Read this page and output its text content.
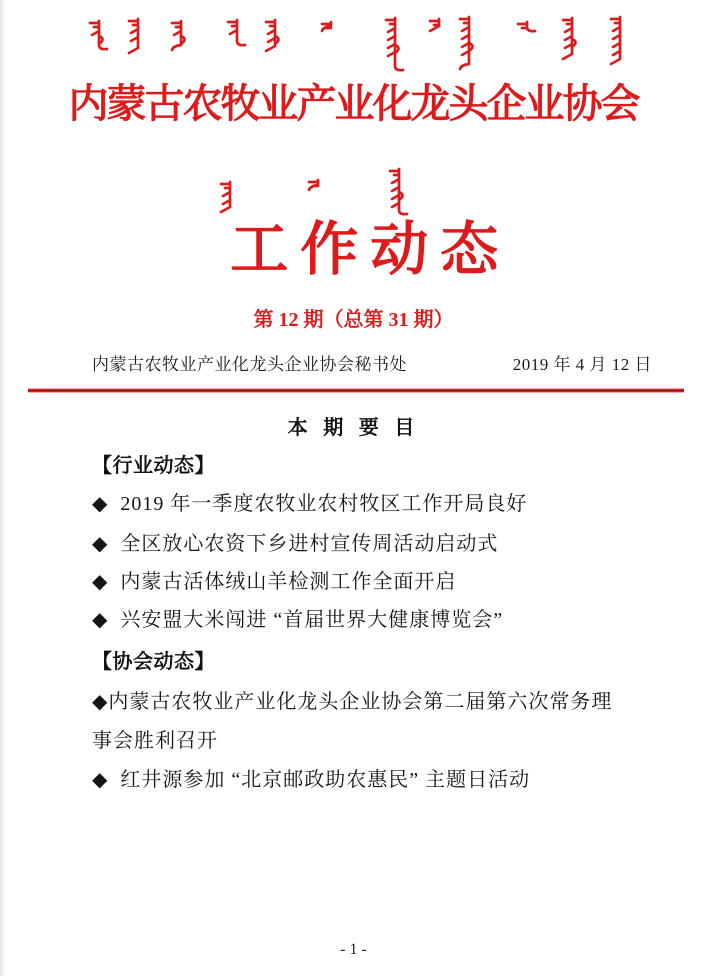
内蒙古农牧业产业化龙头企业协会
工作动态
第 12 期（总第 31 期）
内蒙古农牧业产业化龙头企业协会秘书处	2019 年 4 月 12 日
本 期 要 目
【行业动态】
◆  2019 年一季度农牧业农村牧区工作开局良好
◆  全区放心农资下乡进村宣传周活动启动式
◆  内蒙古活体绒山羊检测工作全面开启
◆  兴安盟大米闯进 “首届世界大健康博览会”
【协会动态】
◆内蒙古农牧业产业化龙头企业协会第二届第六次常务理
事会胜利召开
◆  红井源参加 “北京邮政助农惠民” 主题日活动
- 1 -
